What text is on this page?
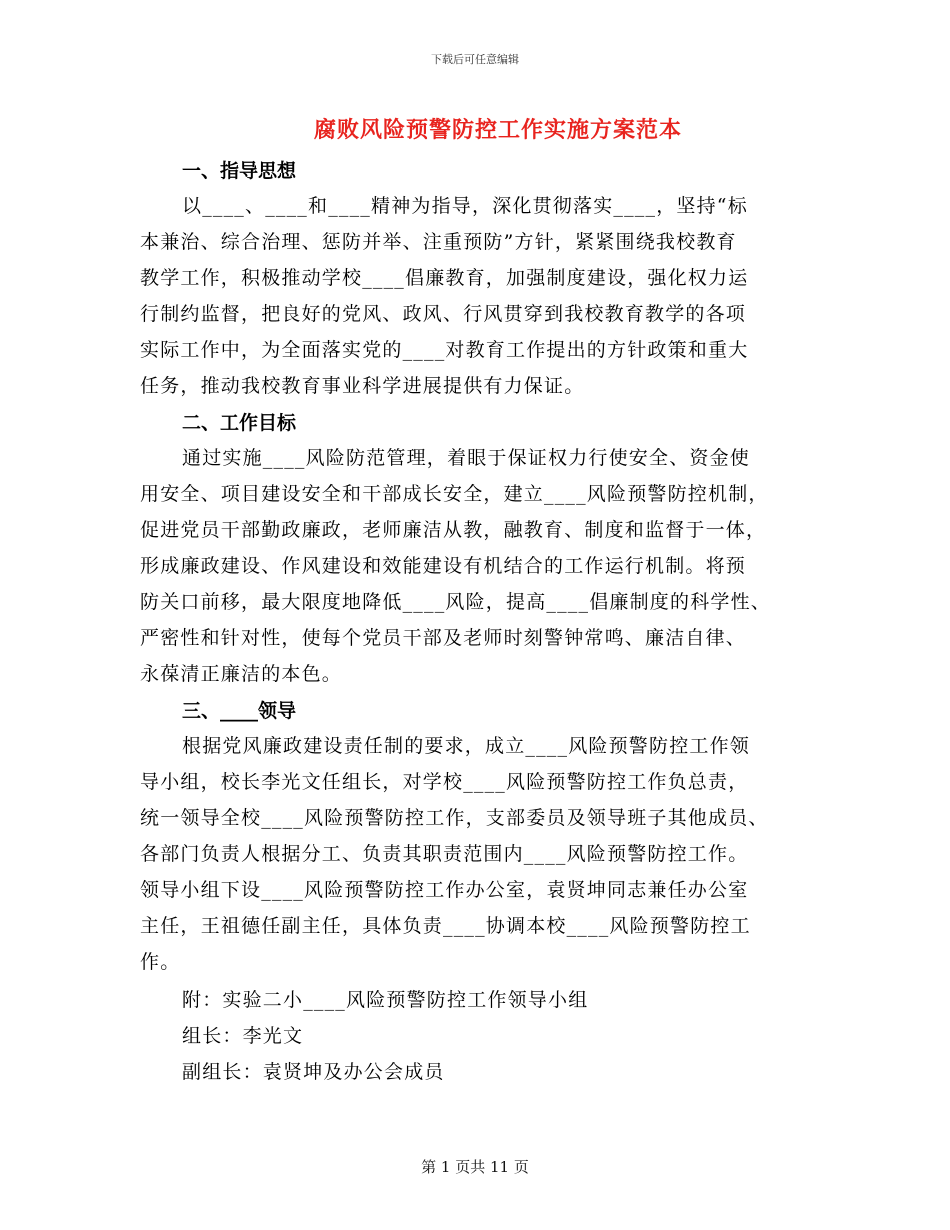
下载后可任意编辑
腐败风险预警防控工作实施方案范本
一、指导思想
以____、____和____精神为指导，深化贯彻落实____，坚持“标
本兼治、综合治理、惩防并举、注重预防”方针，紧紧围绕我校教育
教学工作，积极推动学校____倡廉教育，加强制度建设，强化权力运
行制约监督，把良好的党风、政风、行风贯穿到我校教育教学的各项
实际工作中，为全面落实党的____对教育工作提出的方针政策和重大
任务，推动我校教育事业科学进展提供有力保证。
二、工作目标
通过实施____风险防范管理，着眼于保证权力行使安全、资金使
用安全、项目建设安全和干部成长安全，建立____风险预警防控机制，
促进党员干部勤政廉政，老师廉洁从教，融教育、制度和监督于一体，
形成廉政建设、作风建设和效能建设有机结合的工作运行机制。将预
防关口前移，最大限度地降低____风险，提高____倡廉制度的科学性、
严密性和针对性，使每个党员干部及老师时刻警钟常鸣、廉洁自律、
永葆清正廉洁的本色。
三、____领导
根据党风廉政建设责任制的要求，成立____风险预警防控工作领
导小组，校长李光文任组长，对学校____风险预警防控工作负总责，
统一领导全校____风险预警防控工作，支部委员及领导班子其他成员、
各部门负责人根据分工、负责其职责范围内____风险预警防控工作。
领导小组下设____风险预警防控工作办公室，袁贤坤同志兼任办公室
主任，王祖德任副主任，具体负责____协调本校____风险预警防控工
作。
附：实验二小____风险预警防控工作领导小组
组长：李光文
副组长：袁贤坤及办公会成员
第 1 页共 11 页
